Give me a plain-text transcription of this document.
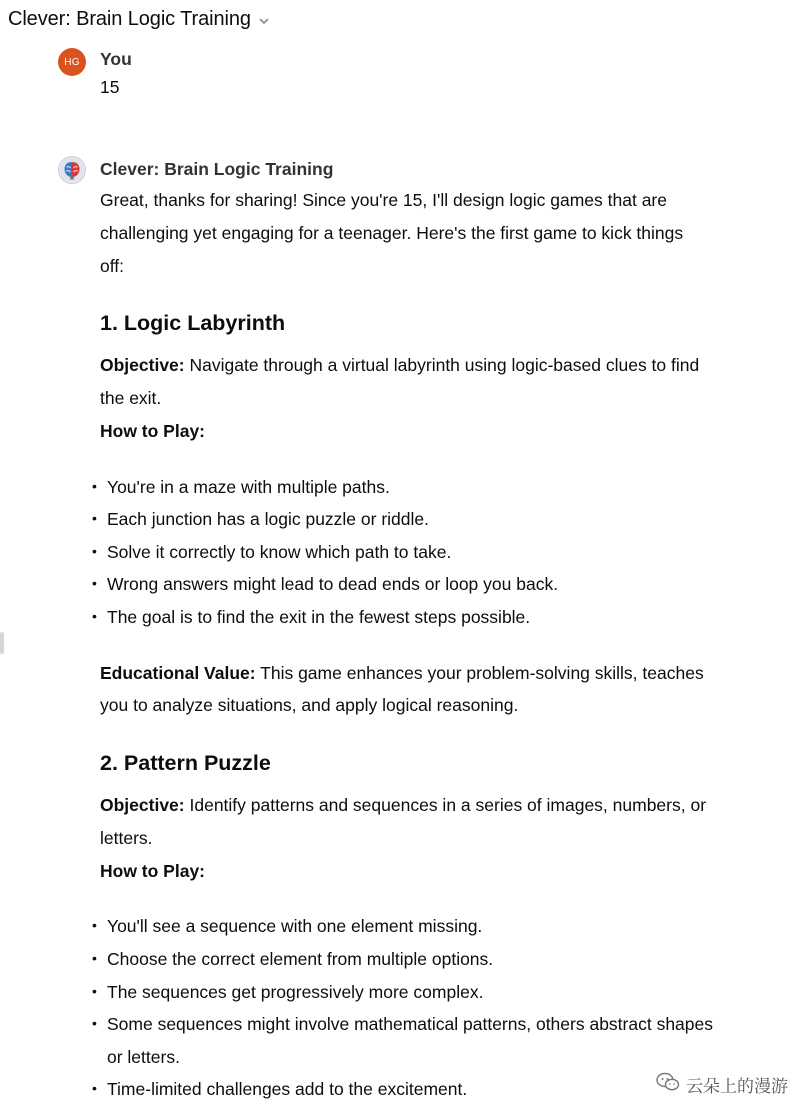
Clever: Brain Logic Training
HG You
15
Clever: Brain Logic Training

Great, thanks for sharing! Since you're 15, I'll design logic games that are challenging yet engaging for a teenager. Here's the first game to kick things off:

1. Logic Labyrinth

Objective: Navigate through a virtual labyrinth using logic-based clues to find the exit.

How to Play:

• You're in a maze with multiple paths.
• Each junction has a logic puzzle or riddle.
• Solve it correctly to know which path to take.
• Wrong answers might lead to dead ends or loop you back.
• The goal is to find the exit in the fewest steps possible.

Educational Value: This game enhances your problem-solving skills, teaches you to analyze situations, and apply logical reasoning.

2. Pattern Puzzle

Objective: Identify patterns and sequences in a series of images, numbers, or letters.

How to Play:

• You'll see a sequence with one element missing.
• Choose the correct element from multiple options.
• The sequences get progressively more complex.
• Some sequences might involve mathematical patterns, others abstract shapes or letters.
• Time-limited challenges add to the excitement.	云朵上的漫游
